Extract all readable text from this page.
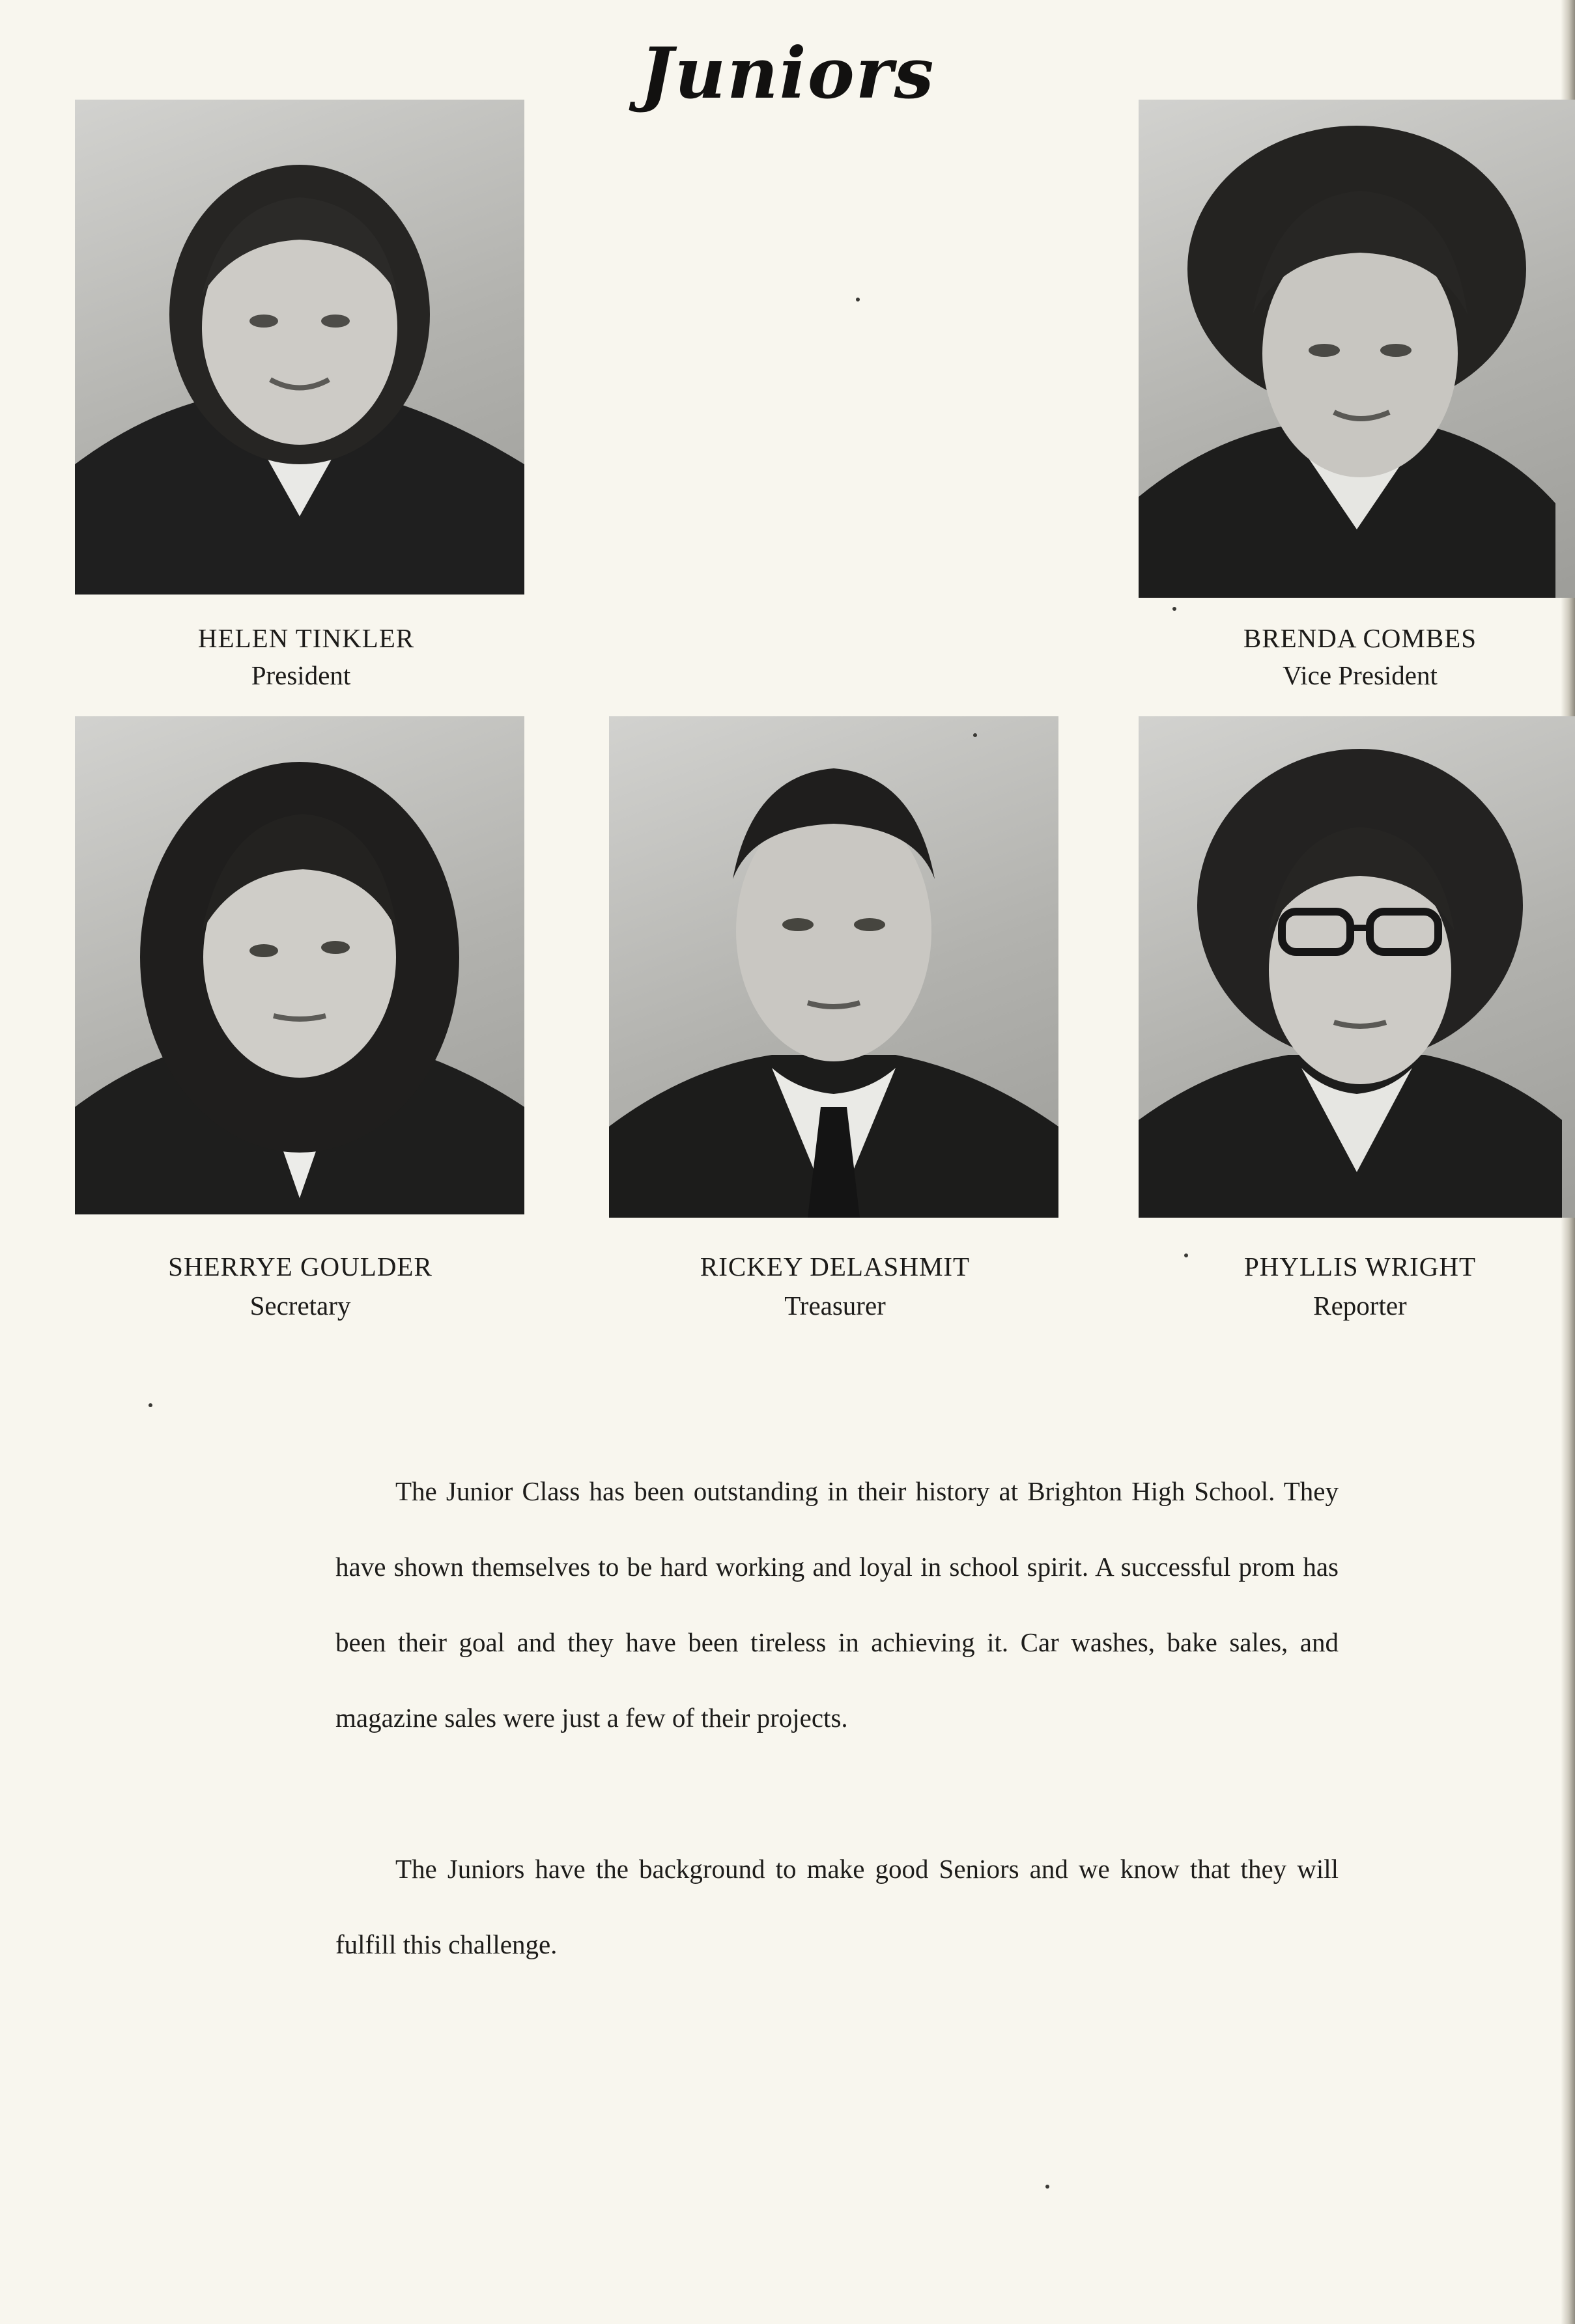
Juniors
HELEN TINKLER
President
BRENDA COMBES
Vice President
SHERRYE GOULDER
Secretary
RICKEY DELASHMIT
Treasurer
PHYLLIS WRIGHT
Reporter

The Junior Class has been outstanding in their history at Brighton High School. They have shown themselves to be hard working and loyal in school spirit. A successful prom has been their goal and they have been tireless in achieving it. Car washes, bake sales, and magazine sales were just a few of their projects.

The Juniors have the background to make good Seniors and we know that they will fulfill this challenge.
